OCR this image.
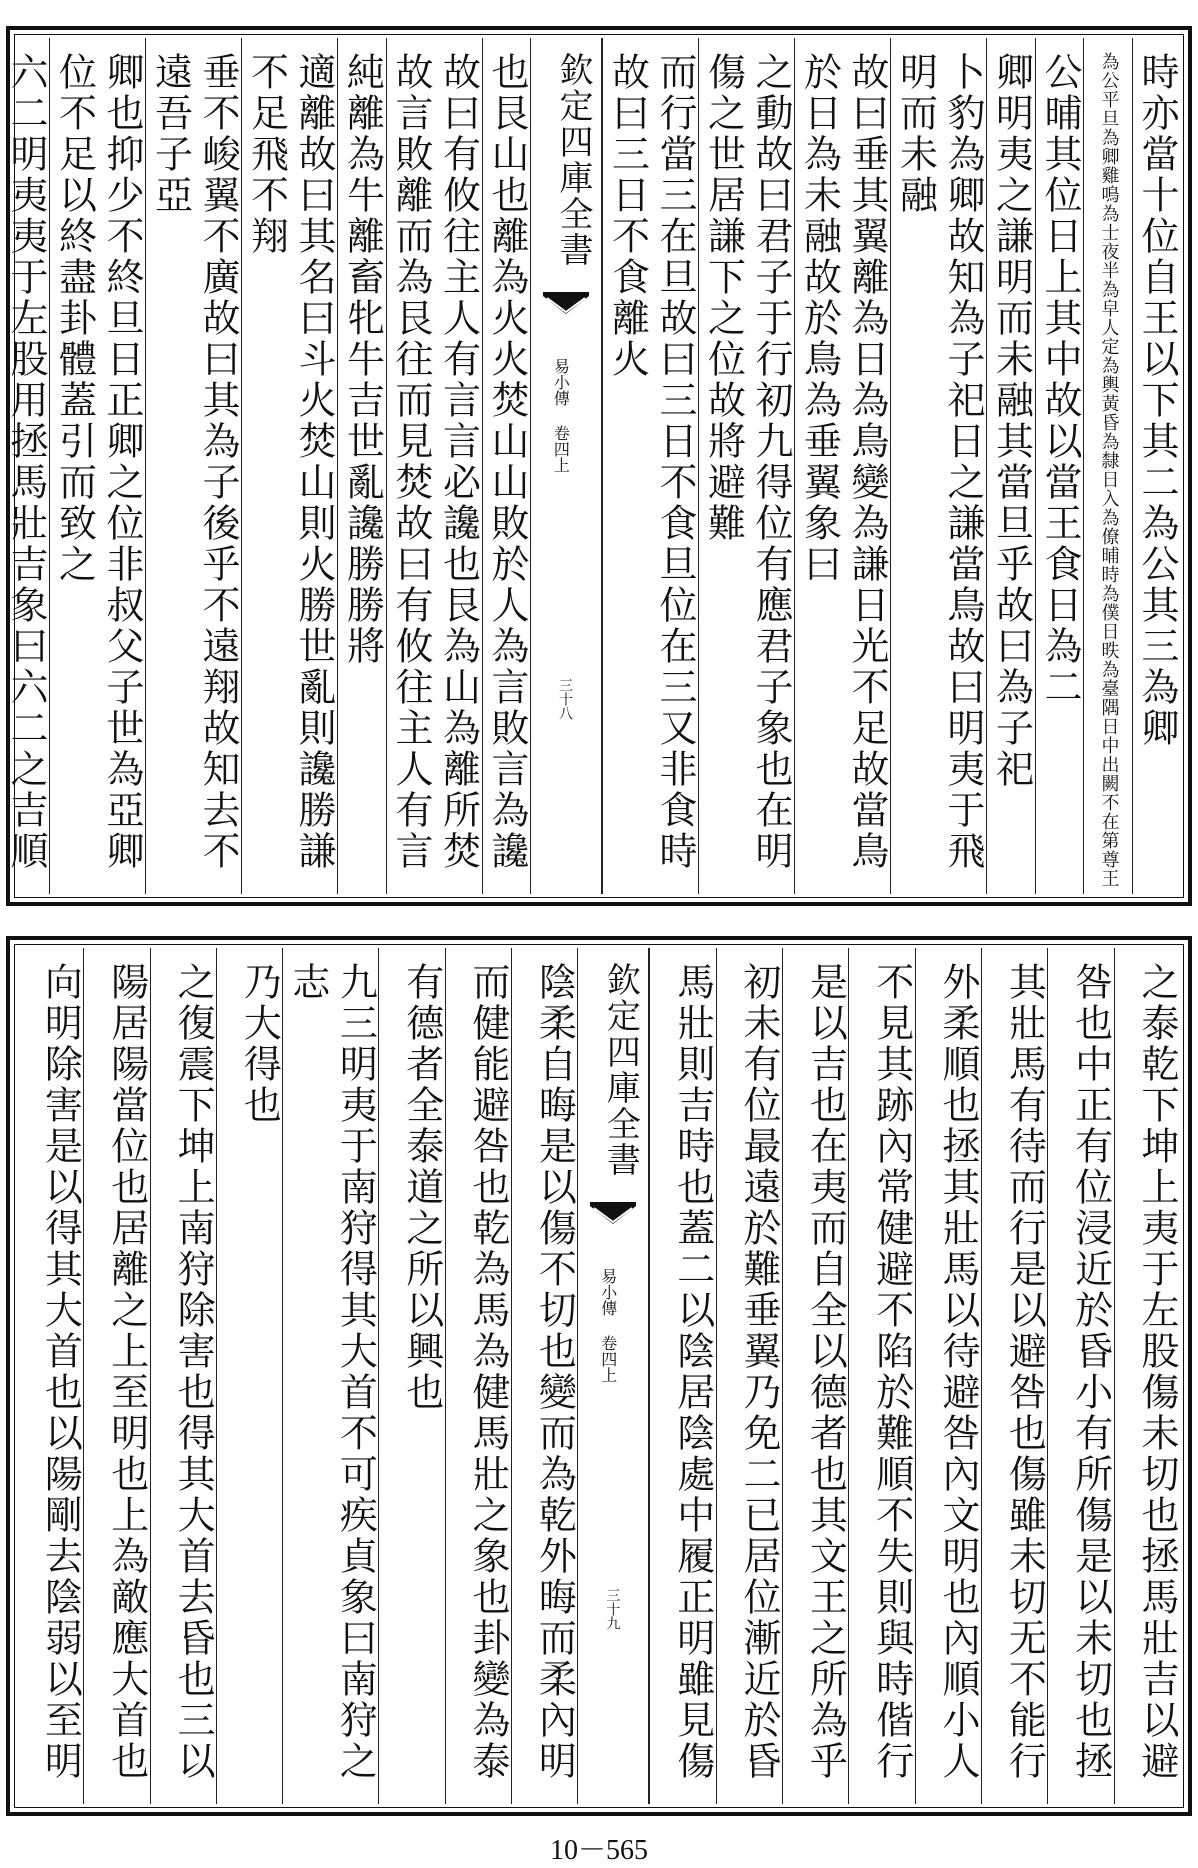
時亦當十位自王以下其二為公其三為卿
為公平旦為卿雞鳴為士夜半為皁人定為輿黃昏為隸日入為僚晡時為僕日昳為臺隅日中出闕不在第尊王
公晡其位日上其中故以當王食日為二
卿明夷之謙明而未融其當旦乎故曰為子祀
卜豹為卿故知為子祀日之謙當鳥故曰明夷于飛明而未融
故曰垂其翼離為日為鳥變為謙日光不足故當鳥於日為未融故於鳥為垂翼象曰
之動故曰君子于行初九得位有應君子象也在明傷之世居謙下之位故將避難
而行當三在旦故曰三日不食旦位在三又非食時故曰三日不食離火
欽定四庫全書
易小傳 卷四上
三十八
也艮山也離為火火焚山山敗於人為言敗言為讒
故曰有攸往主人有言言必讒也艮為山為離所焚故言敗離而為艮往而見焚故曰有攸往主人有言
純離為牛離畜牝牛吉世亂讒勝勝將
適離故曰其名曰斗火焚山則火勝世亂則讒勝謙不足飛不翔
垂不峻翼不廣故曰其為子後乎不遠翔故知去不遠吾子亞
卿也抑少不終旦日正卿之位非叔父子世為亞卿位不足以終盡卦體蓋引而致之
六二明夷夷于左股用拯馬壯吉象曰六二之吉順
之泰乾下坤上夷于左股傷未切也拯馬壯吉以避
咎也中正有位浸近於昏小有所傷是以未切也拯
其壯馬有待而行是以避咎也傷雖未切无不能行
外柔順也拯其壯馬以待避咎內文明也內順小人
不見其跡內常健避不陷於難順不失則與時偕行
是以吉也在夷而自全以德者也其文王之所為乎
初未有位最遠於難垂翼乃免二已居位漸近於昏
馬壯則吉時也蓋二以陰居陰處中履正明雖見傷
欽定四庫全書
易小傳 卷四上
三十九
陰柔自晦是以傷不切也變而為乾外晦而柔內明
而健能避咎也乾為馬為健馬壯之象也卦變為泰
有德者全泰道之所以興也
九三明夷于南狩得其大首不可疾貞象曰南狩之志
乃大得也
之復震下坤上南狩除害也得其大首去昏也三以
陽居陽當位也居離之上至明也上為敵應大首也
向明除害是以得其大首也以陽剛去陰弱以至明
10－565
